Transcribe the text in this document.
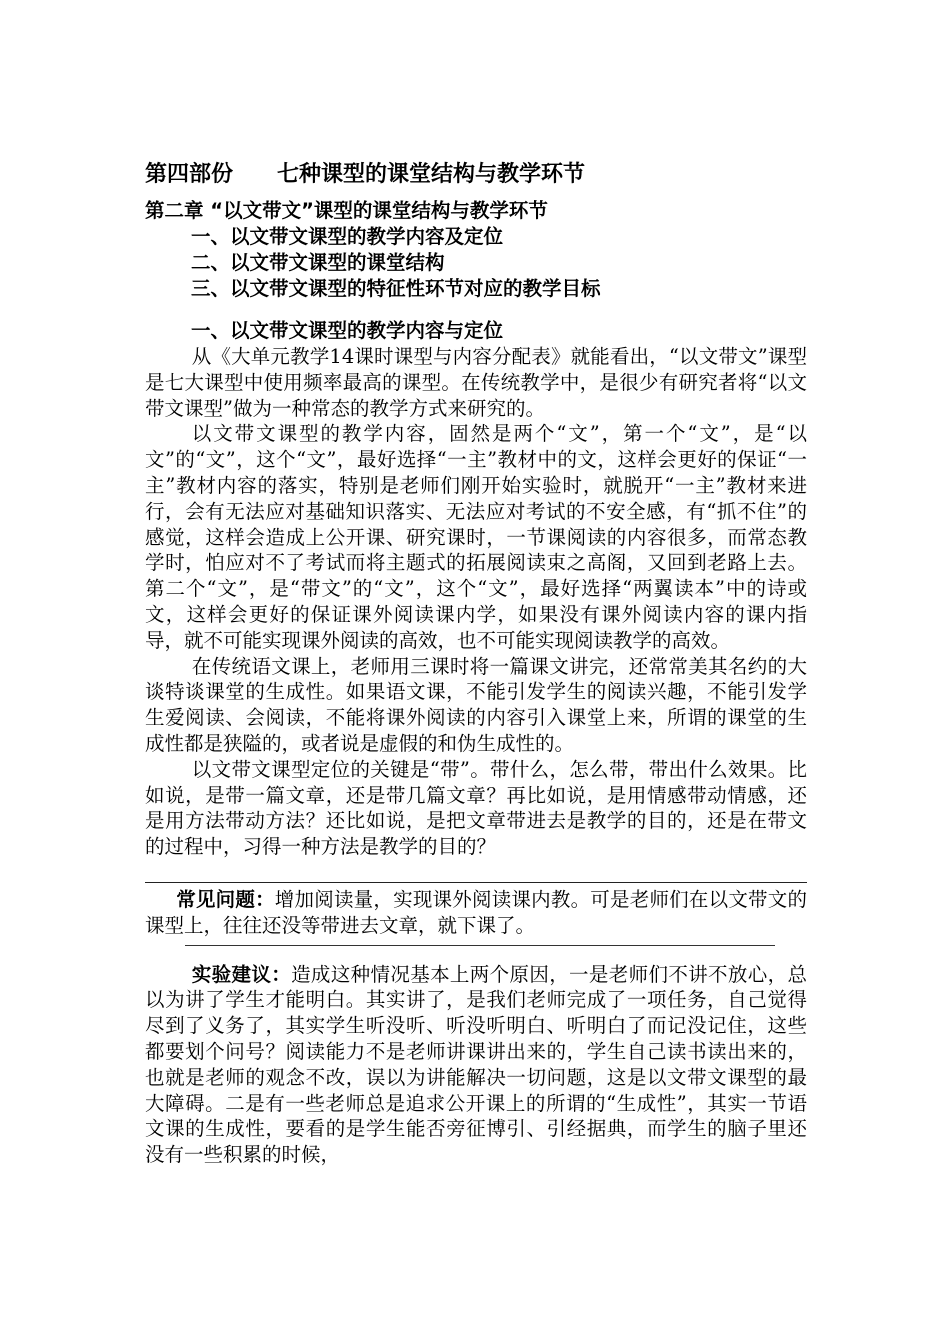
第四部份　　七种课型的课堂结构与教学环节
第二章 “以文带文”课型的课堂结构与教学环节
一、以文带文课型的教学内容及定位
二、以文带文课型的课堂结构
三、以文带文课型的特征性环节对应的教学目标
一、以文带文课型的教学内容与定位

从《大单元教学14课时课型与内容分配表》就能看出，“以文带文”课型是七大课型中使用频率最高的课型。在传统教学中，是很少有研究者将“以文带文课型”做为一种常态的教学方式来研究的。

以文带文课型的教学内容，固然是两个“文”，第一个“文”，是“以文”的“文”，这个“文”，最好选择“一主”教材中的文，这样会更好的保证“一主”教材内容的落实，特别是老师们刚开始实验时，就脱开“一主”教材来进行，会有无法应对基础知识落实、无法应对考试的不安全感，有“抓不住”的感觉，这样会造成上公开课、研究课时，一节课阅读的内容很多，而常态教学时，怕应对不了考试而将主题式的拓展阅读束之高阁，又回到老路上去。第二个“文”，是“带文”的“文”，这个“文”，最好选择“两翼读本”中的诗或文，这样会更好的保证课外阅读课内学，如果没有课外阅读内容的课内指导，就不可能实现课外阅读的高效，也不可能实现阅读教学的高效。

在传统语文课上，老师用三课时将一篇课文讲完，还常常美其名约的大谈特谈课堂的生成性。如果语文课，不能引发学生的阅读兴趣，不能引发学生爱阅读、会阅读，不能将课外阅读的内容引入课堂上来，所谓的课堂的生成性都是狭隘的，或者说是虚假的和伪生成性的。

以文带文课型定位的关键是“带”。带什么，怎么带，带出什么效果。比如说，是带一篇文章，还是带几篇文章？再比如说，是用情感带动情感，还是用方法带动方法？还比如说，是把文章带进去是教学的目的，还是在带文的过程中，习得一种方法是教学的目的？

常见问题：增加阅读量，实现课外阅读课内教。可是老师们在以文带文的课型上，往往还没等带进去文章，就下课了。

实验建议：造成这种情况基本上两个原因，一是老师们不讲不放心，总以为讲了学生才能明白。其实讲了，是我们老师完成了一项任务，自己觉得尽到了义务了，其实学生听没听、听没听明白、听明白了而记没记住，这些都要划个问号？阅读能力不是老师讲课讲出来的，学生自己读书读出来的，也就是老师的观念不改，误以为讲能解决一切问题，这是以文带文课型的最大障碍。二是有一些老师总是追求公开课上的所谓的“生成性”，其实一节语文课的生成性，要看的是学生能否旁征博引、引经据典，而学生的脑子里还没有一些积累的时候，
